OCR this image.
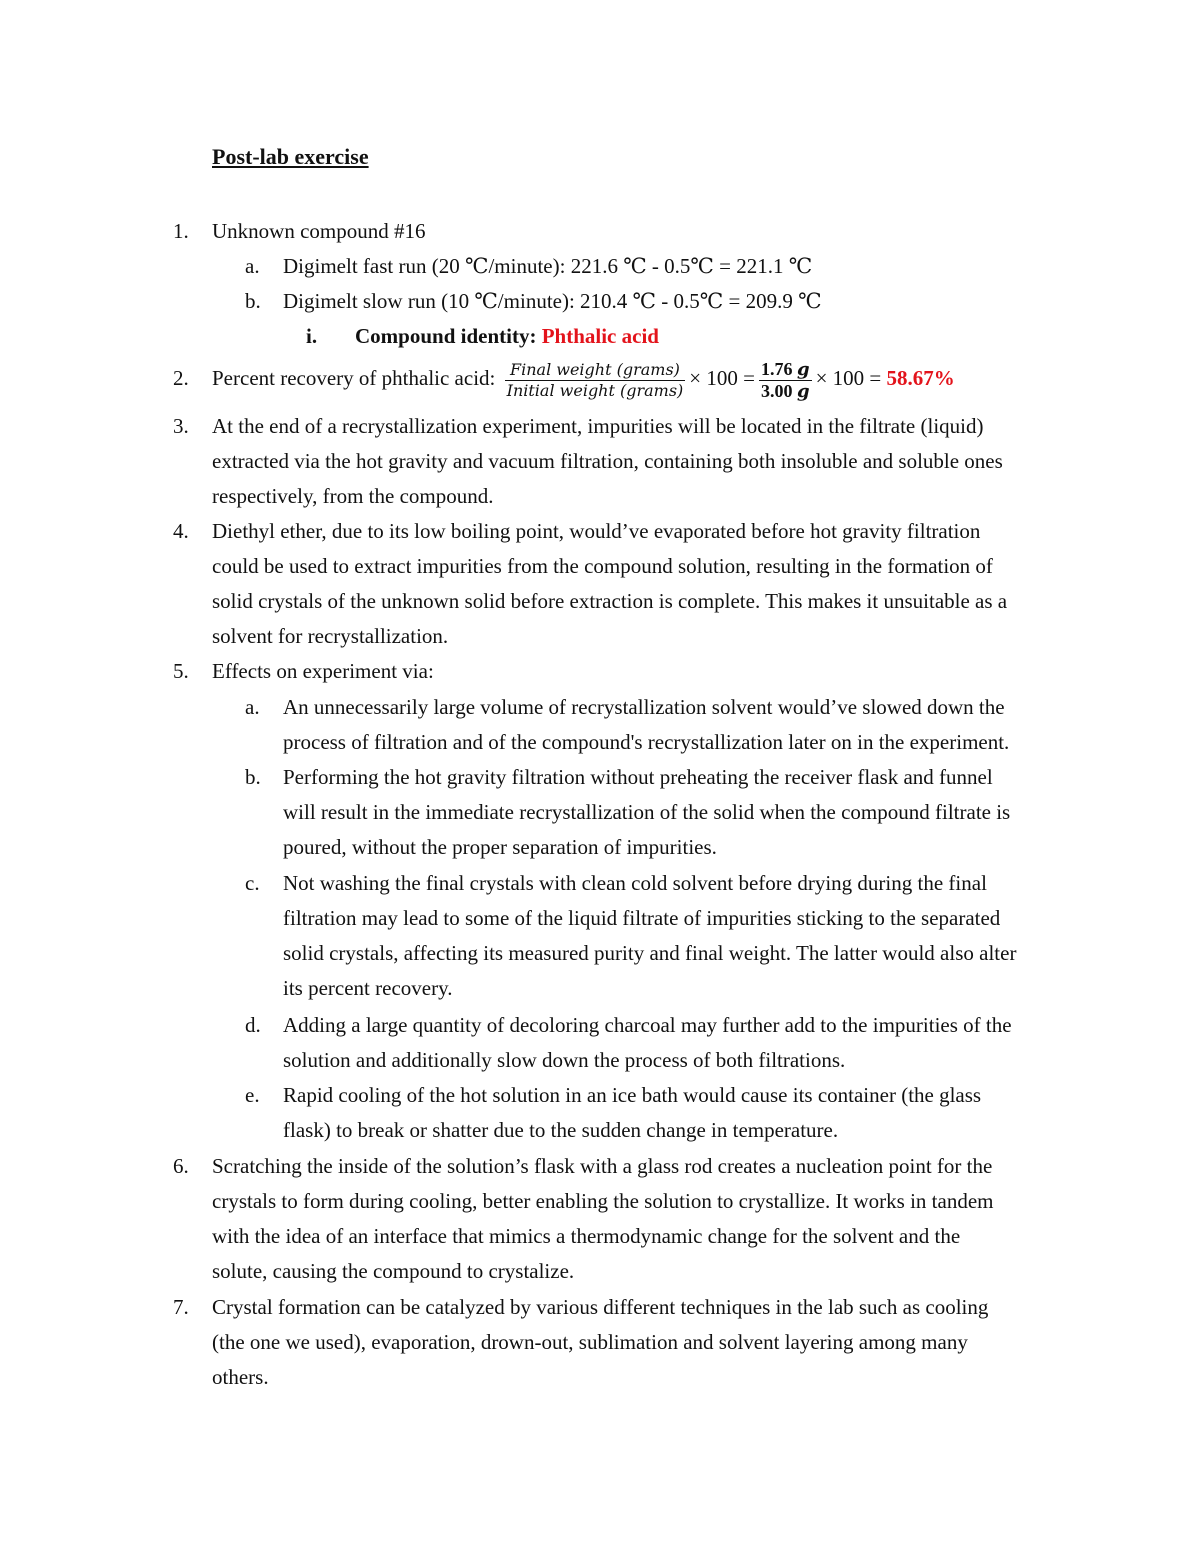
Post-lab exercise
1.	Unknown compound #16
a.	Digimelt fast run (20 ℃/minute): 221.6 ℃ - 0.5℃ = 221.1 ℃
b.	Digimelt slow run (10 ℃/minute): 210.4 ℃ - 0.5℃ = 209.9 ℃
i.	Compound identity: Phthalic acid
2.	Percent recovery of phthalic acid: $\frac{\text{Final weight (grams)}}{\text{Initial weight (grams)}} \times 100 = \frac{1.76 g}{3.00 g} \times 100 = 58.67\%$
3.	At the end of a recrystallization experiment, impurities will be located in the filtrate (liquid)
extracted via the hot gravity and vacuum filtration, containing both insoluble and soluble ones
respectively, from the compound.
4.	Diethyl ether, due to its low boiling point, would’ve evaporated before hot gravity filtration
could be used to extract impurities from the compound solution, resulting in the formation of
solid crystals of the unknown solid before extraction is complete. This makes it unsuitable as a
solvent for recrystallization.
5.	Effects on experiment via:
a.	An unnecessarily large volume of recrystallization solvent would’ve slowed down the
process of filtration and of the compound's recrystallization later on in the experiment.
b.	Performing the hot gravity filtration without preheating the receiver flask and funnel
will result in the immediate recrystallization of the solid when the compound filtrate is
poured, without the proper separation of impurities.
c.	Not washing the final crystals with clean cold solvent before drying during the final
filtration may lead to some of the liquid filtrate of impurities sticking to the separated
solid crystals, affecting its measured purity and final weight. The latter would also alter
its percent recovery.
d.	Adding a large quantity of decoloring charcoal may further add to the impurities of the
solution and additionally slow down the process of both filtrations.
e.	Rapid cooling of the hot solution in an ice bath would cause its container (the glass
flask) to break or shatter due to the sudden change in temperature.
6.	Scratching the inside of the solution’s flask with a glass rod creates a nucleation point for the
crystals to form during cooling, better enabling the solution to crystallize. It works in tandem
with the idea of an interface that mimics a thermodynamic change for the solvent and the
solute, causing the compound to crystalize.
7.	Crystal formation can be catalyzed by various different techniques in the lab such as cooling
(the one we used), evaporation, drown-out, sublimation and solvent layering among many
others.
